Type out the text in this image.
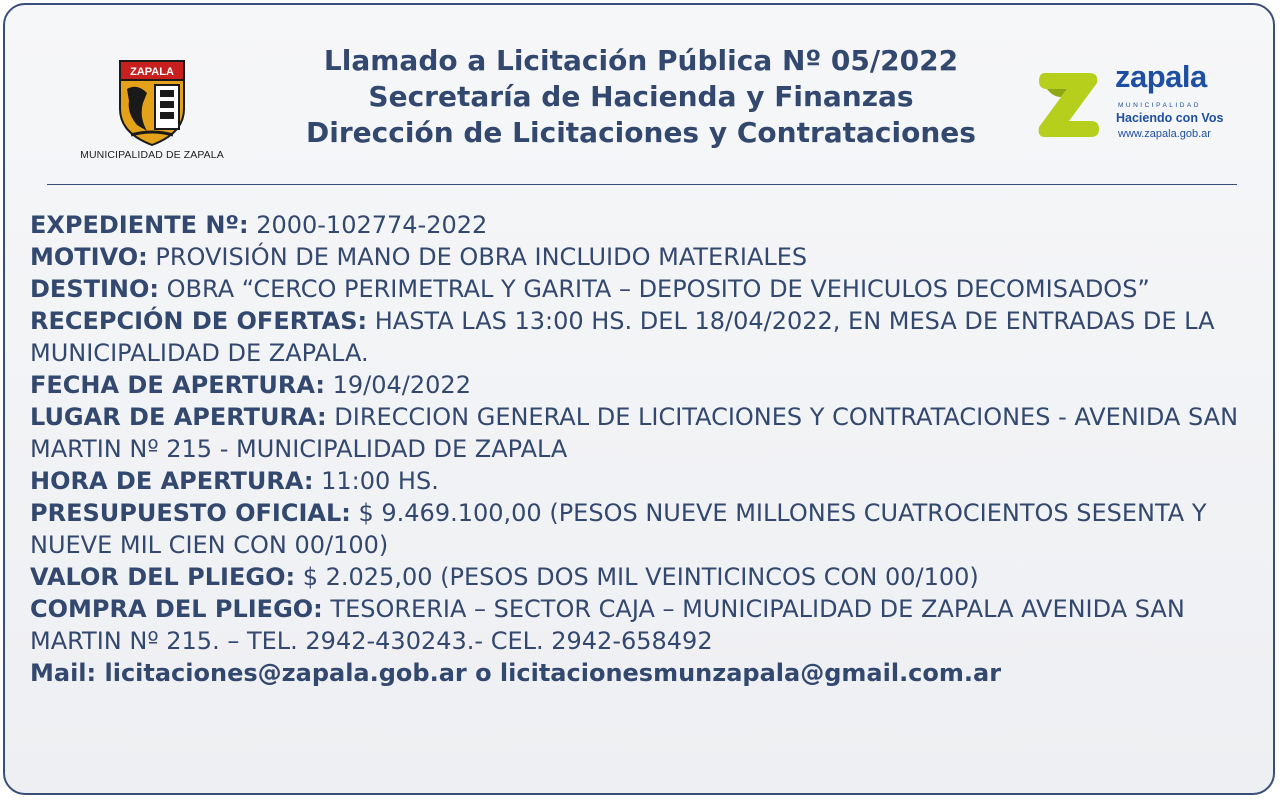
ZAPALA
MUNICIPALIDAD DE ZAPALA
Llamado a Licitación Pública Nº 05/2022
Secretaría de Hacienda y Finanzas
Dirección de Licitaciones y Contrataciones
zapala
MUNICIPALIDAD
Haciendo con Vos
www.zapala.gob.ar

EXPEDIENTE Nº: 2000-102774-2022

MOTIVO: PROVISIÓN DE MANO DE OBRA INCLUIDO MATERIALES

DESTINO: OBRA “CERCO PERIMETRAL Y GARITA – DEPOSITO DE VEHICULOS DECOMISADOS”

RECEPCIÓN DE OFERTAS: HASTA LAS 13:00 HS. DEL 18/04/2022, EN MESA DE ENTRADAS DE LA MUNICIPALIDAD DE ZAPALA.

FECHA DE APERTURA: 19/04/2022

LUGAR DE APERTURA: DIRECCION GENERAL DE LICITACIONES Y CONTRATACIONES - AVENIDA SAN MARTIN Nº 215 - MUNICIPALIDAD DE ZAPALA

HORA DE APERTURA: 11:00 HS.

PRESUPUESTO OFICIAL: $ 9.469.100,00 (PESOS NUEVE MILLONES CUATROCIENTOS SESENTA Y NUEVE MIL CIEN CON 00/100)

VALOR DEL PLIEGO: $ 2.025,00 (PESOS DOS MIL VEINTICINCOS CON 00/100)

COMPRA DEL PLIEGO: TESORERIA – SECTOR CAJA – MUNICIPALIDAD DE ZAPALA AVENIDA SAN MARTIN Nº 215. – TEL. 2942-430243.- CEL. 2942-658492

Mail: licitaciones@zapala.gob.ar o licitacionesmunzapala@gmail.com.ar
